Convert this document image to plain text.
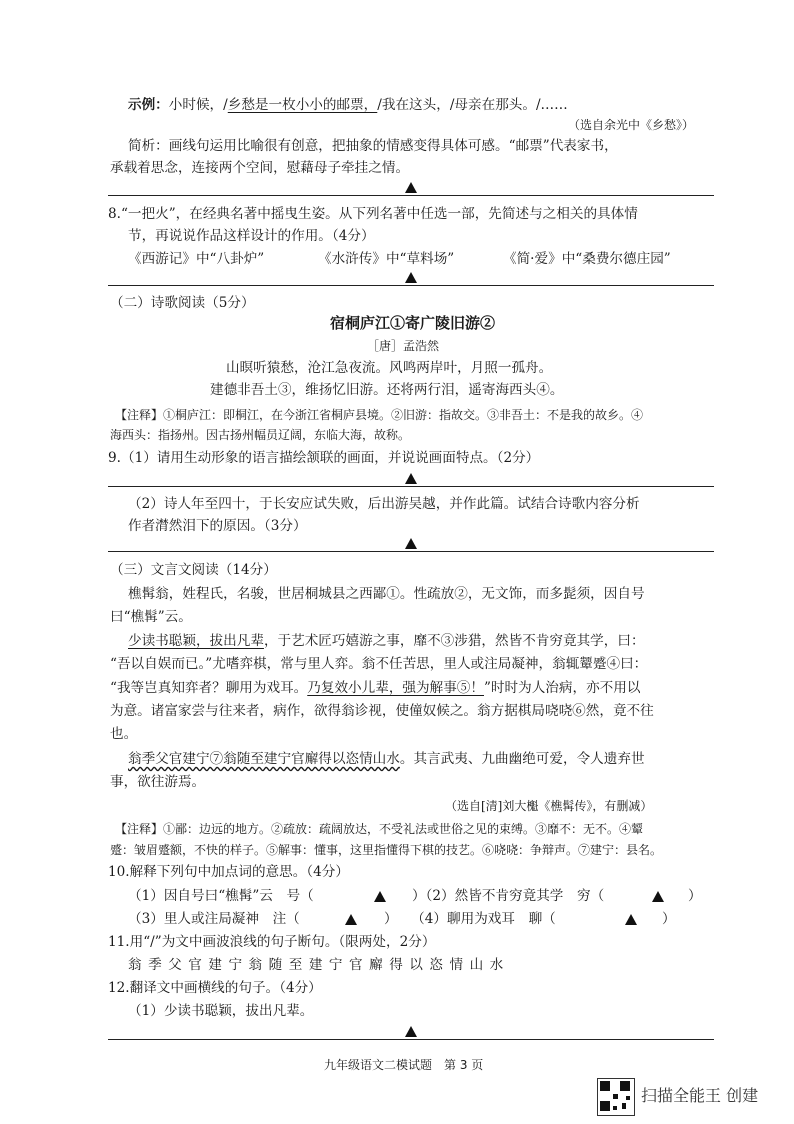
示例：小时候，/乡愁是一枚小小的邮票，/我在这头，/母亲在那头。/……
（选自余光中《乡愁》）
简析：画线句运用比喻很有创意，把抽象的情感变得具体可感。“邮票”代表家书，
承载着思念，连接两个空间，慰藉母子牵挂之情。
8.“一把火”，在经典名著中摇曳生姿。从下列名著中任选一部，先简述与之相关的具体情
节，再说说作品这样设计的作用。（4分）
《西游记》中“八卦炉”	《水浒传》中“草料场”	《简·爱》中“桑费尔德庄园”
（二）诗歌阅读（5分）
宿桐庐江①寄广陵旧游②
［唐］孟浩然
山暝听猿愁，沧江急夜流。风鸣两岸叶，月照一孤舟。
建德非吾土③，维扬忆旧游。还将两行泪，遥寄海西头④。
【注释】①桐庐江：即桐江，在今浙江省桐庐县境。②旧游：指故交。③非吾土：不是我的故乡。④
海西头：指扬州。因古扬州幅员辽阔，东临大海，故称。
9.（1）请用生动形象的语言描绘颔联的画面，并说说画面特点。（2分）
（2）诗人年至四十，于长安应试失败，后出游吴越，并作此篇。试结合诗歌内容分析
作者潸然泪下的原因。（3分）
（三）文言文阅读（14分）
樵髯翁，姓程氏，名骏，世居桐城县之西鄙①。性疏放②，无文饰，而多髭须，因自号
曰“樵髯”云。
少读书聪颖，拔出凡辈，于艺术匠巧嬉游之事，靡不③涉猎，然皆不肯穷竟其学，曰：
“吾以自娱而已。”尤嗜弈棋，常与里人弈。翁不任苦思，里人或注局凝神，翁辄颦蹙④曰：
“我等岂真知弈者？聊用为戏耳。乃复效小儿辈，强为解事⑤！”时时为人治病，亦不用以
为意。诸富家尝与往来者，病作，欲得翁诊视，使僮奴候之。翁方据棋局哓哓⑥然，竟不往
也。
翁季父官建宁⑦翁随至建宁官廨得以恣情山水。其言武夷、九曲幽绝可爱，令人遗弃世
事，欲往游焉。
（选自[清]刘大櫆《樵髯传》，有删减）
【注释】①鄙：边远的地方。②疏放：疏阔放达，不受礼法或世俗之见的束缚。③靡不：无不。④颦
蹙：皱眉蹙额，不快的样子。⑤解事：懂事，这里指懂得下棋的技艺。⑥哓哓：争辩声。⑦建宁：县名。
10.解释下列句中加点词的意思。（4分）
（1）因自号曰“樵髯”云　号（	）（2）然皆不肯穷竟其学　穷（	）
（3）里人或注局凝神　注（	）　　（4）聊用为戏耳　聊（	）
11.用“/”为文中画波浪线的句子断句。（限两处，2分）
翁季父官建宁翁随至建宁官廨得以恣情山水
12.翻译文中画横线的句子。（4分）
（1）少读书聪颖，拔出凡辈。
九年级语文二模试题　第 3 页
扫描全能王 创建
